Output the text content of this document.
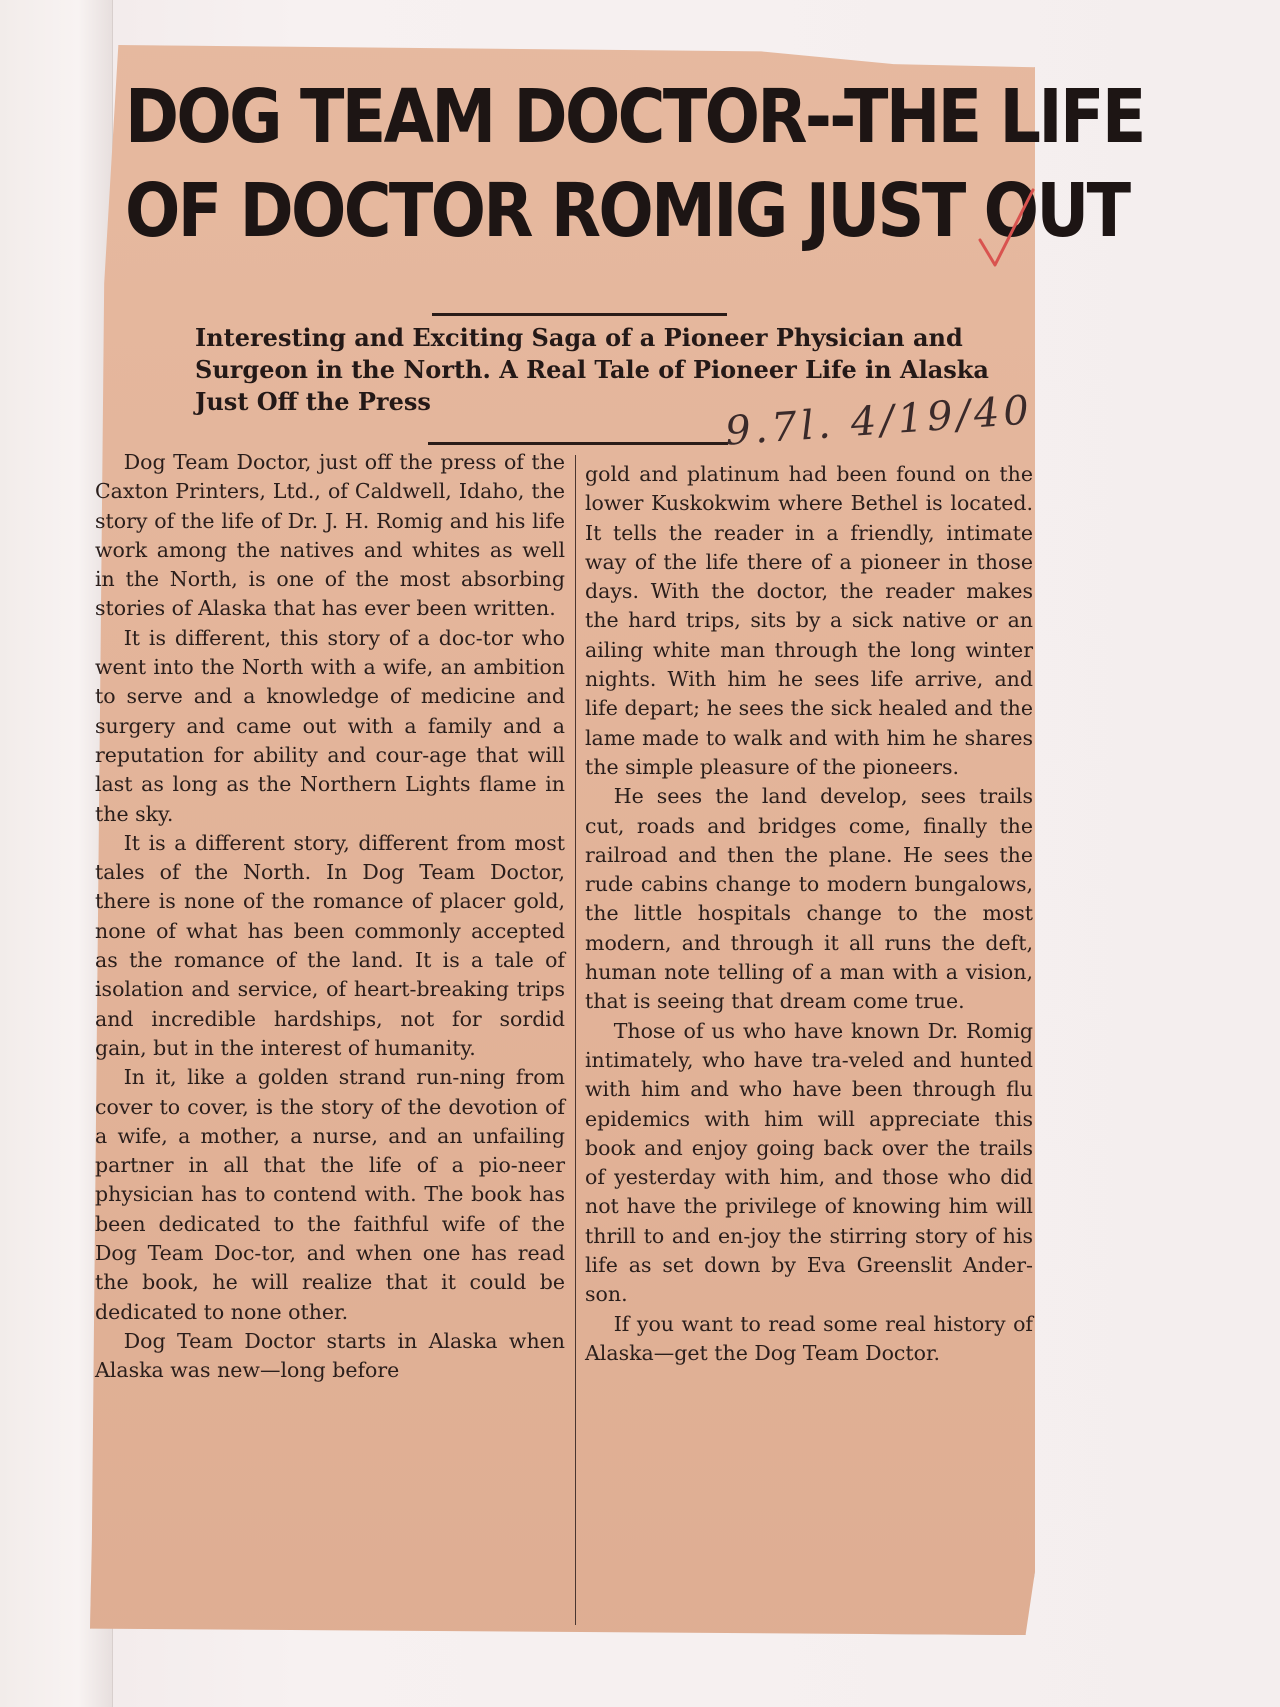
DOG TEAM DOCTOR--THE LIFE
OF DOCTOR ROMIG JUST OUT
Interesting and Exciting Saga of a Pioneer Physician and Surgeon in the North. A Real Tale of Pioneer Life in Alaska Just Off the Press	9.7l. 4/19/40

Dog Team Doctor, just off the press of the Caxton Printers, Ltd., of Caldwell, Idaho, the story of the life of Dr. J. H. Romig and his life work among the natives and whites as well in the North, is one of the most absorbing stories of Alaska that has ever been written.

It is different, this story of a doc-tor who went into the North with a wife, an ambition to serve and a knowledge of medicine and surgery and came out with a family and a reputation for ability and cour-age that will last as long as the Northern Lights flame in the sky.

It is a different story, different from most tales of the North. In Dog Team Doctor, there is none of the romance of placer gold, none of what has been commonly accepted as the romance of the land. It is a tale of isolation and service, of heart-breaking trips and incredible hardships, not for sordid gain, but in the interest of humanity.

In it, like a golden strand run-ning from cover to cover, is the story of the devotion of a wife, a mother, a nurse, and an unfailing partner in all that the life of a pio-neer physician has to contend with. The book has been dedicated to the faithful wife of the Dog Team Doc-tor, and when one has read the book, he will realize that it could be dedicated to none other.

Dog Team Doctor starts in Alaska when Alaska was new—long before

gold and platinum had been found on the lower Kuskokwim where Bethel is located. It tells the reader in a friendly, intimate way of the life there of a pioneer in those days. With the doctor, the reader makes the hard trips, sits by a sick native or an ailing white man through the long winter nights. With him he sees life arrive, and life depart; he sees the sick healed and the lame made to walk and with him he shares the simple pleasure of the pioneers.

He sees the land develop, sees trails cut, roads and bridges come, finally the railroad and then the plane. He sees the rude cabins change to modern bungalows, the little hospitals change to the most modern, and through it all runs the deft, human note telling of a man with a vision, that is seeing that dream come true.

Those of us who have known Dr. Romig intimately, who have tra-veled and hunted with him and who have been through flu epidemics with him will appreciate this book and enjoy going back over the trails of yesterday with him, and those who did not have the privilege of knowing him will thrill to and en-joy the stirring story of his life as set down by Eva Greenslit Ander-son.

If you want to read some real history of Alaska—get the Dog Team Doctor.
